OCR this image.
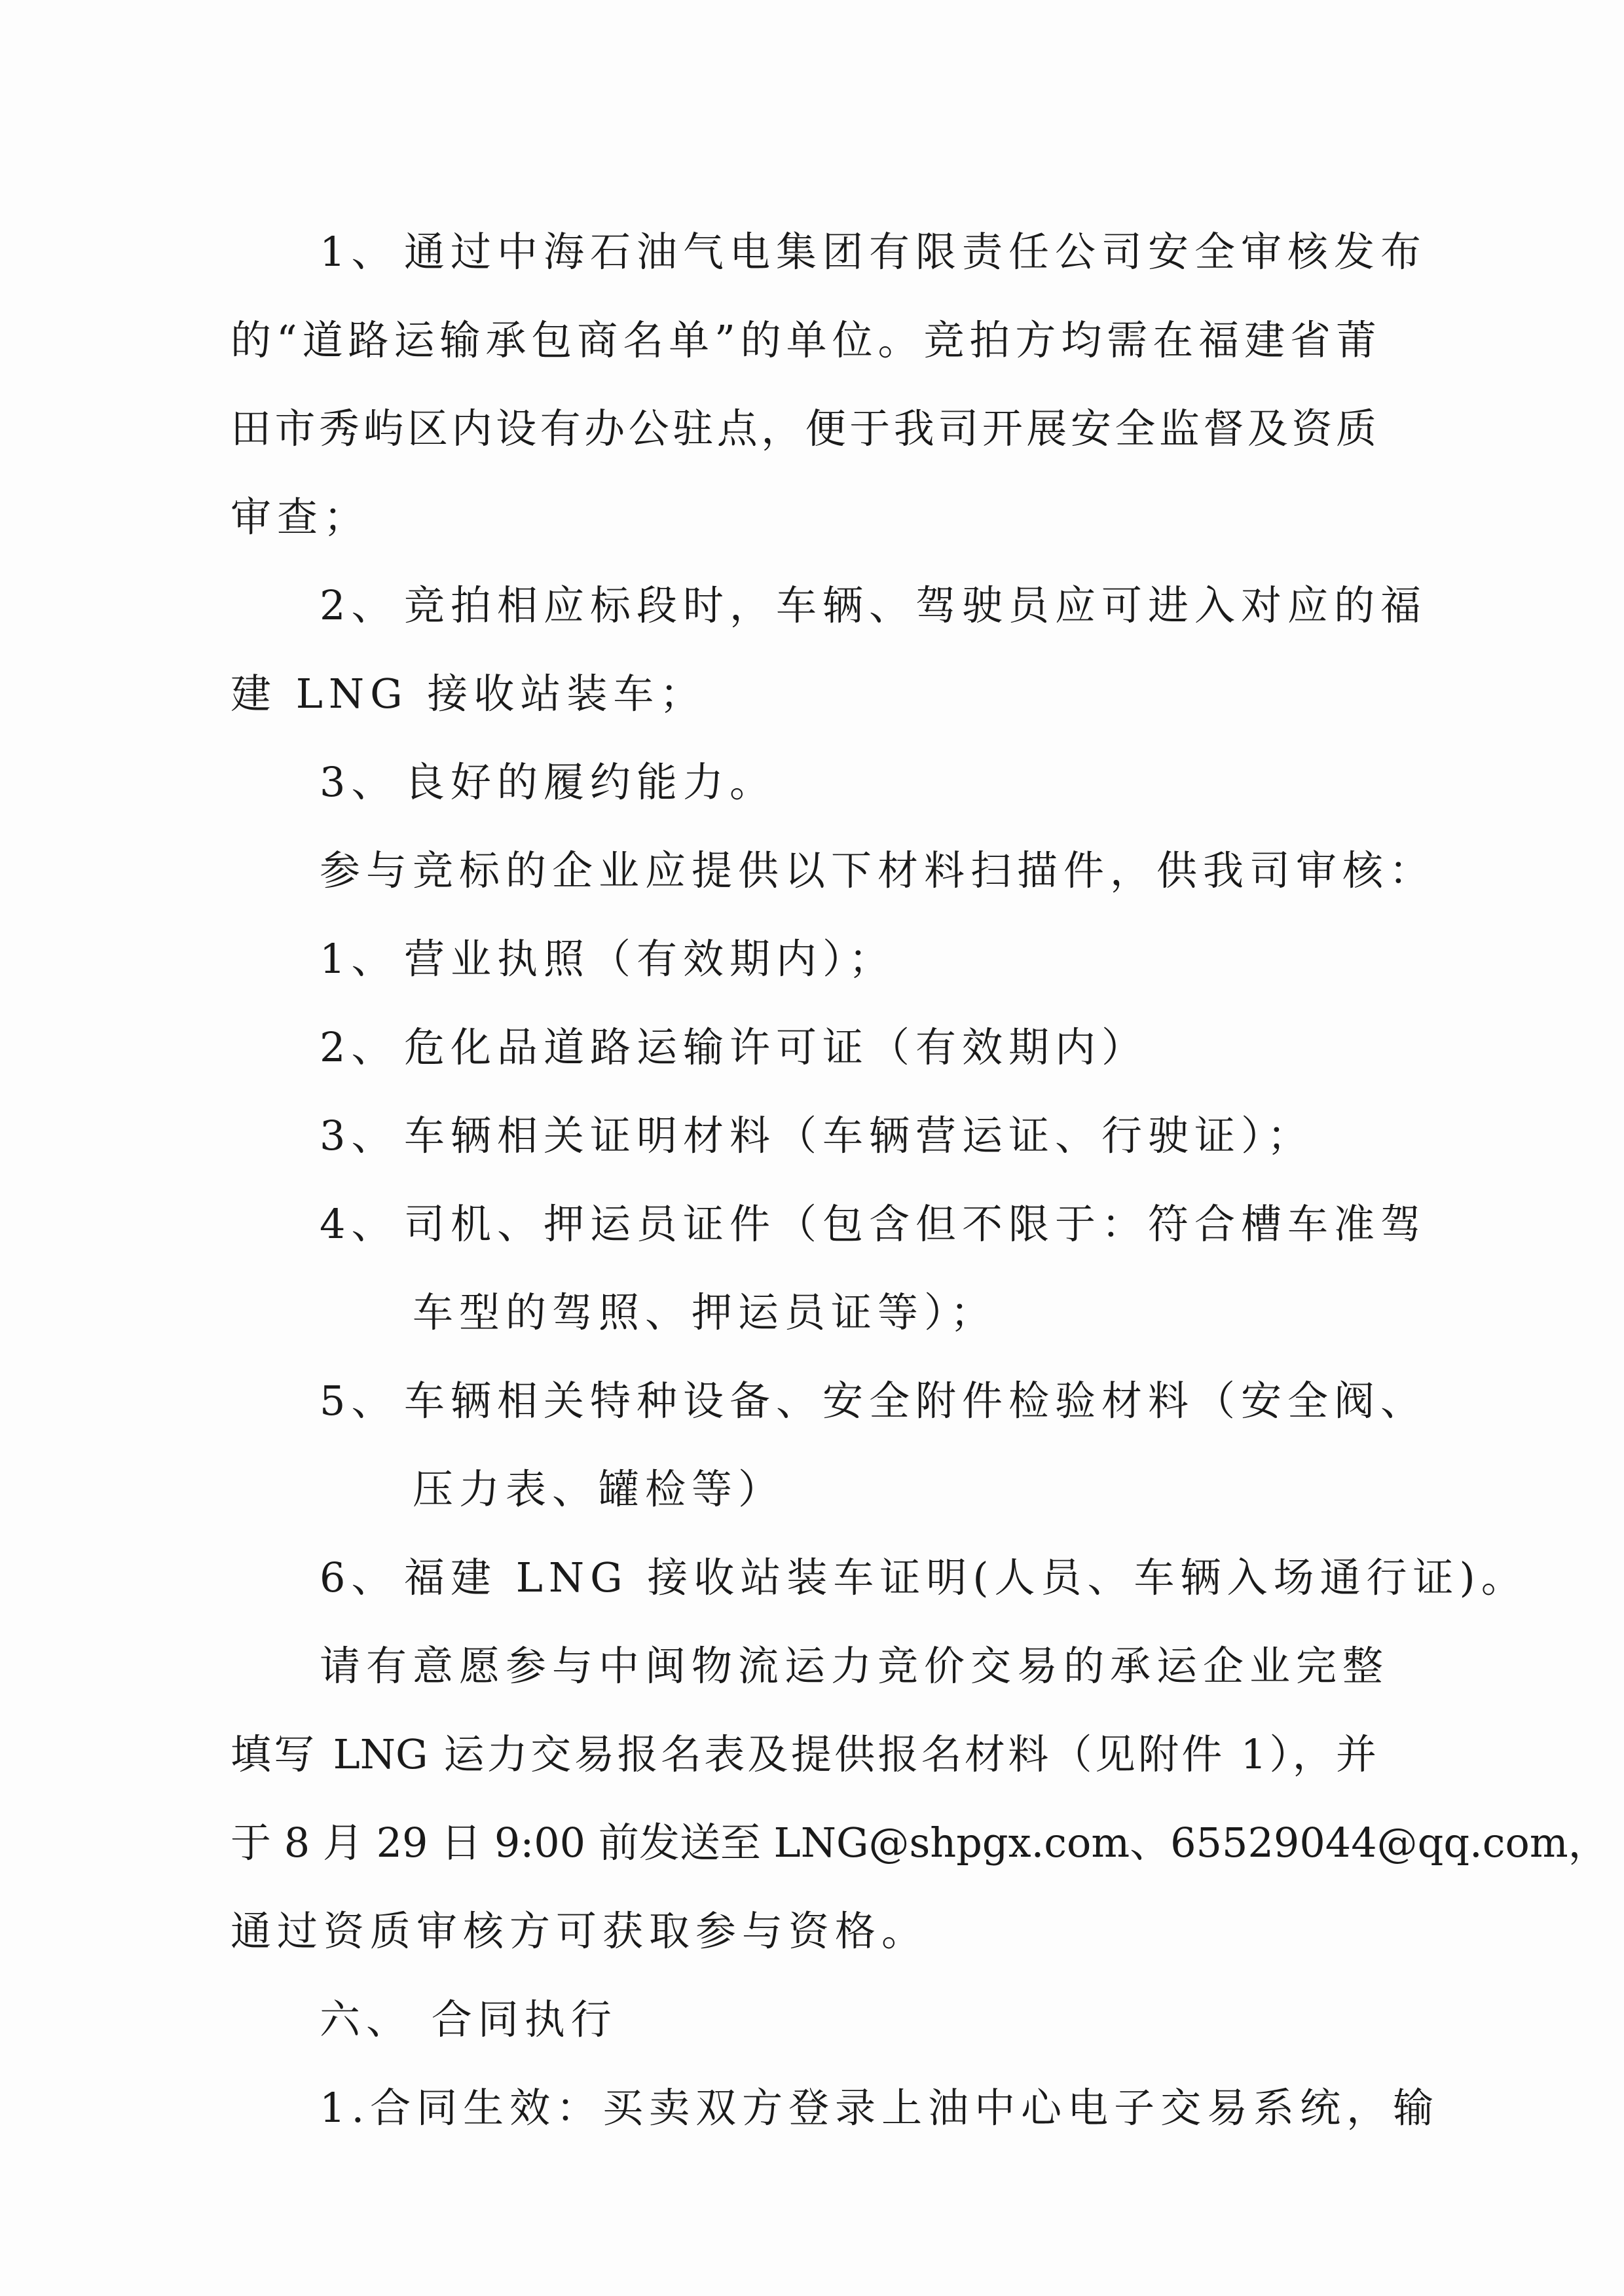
1、 通过中海石油气电集团有限责任公司安全审核发布
的“道路运输承包商名单”的单位。竞拍方均需在福建省莆
田市秀屿区内设有办公驻点，便于我司开展安全监督及资质
审查；
2、 竞拍相应标段时，车辆、驾驶员应可进入对应的福
建 LNG 接收站装车；
3、 良好的履约能力。
参与竞标的企业应提供以下材料扫描件，供我司审核：
1、 营业执照（有效期内）；
2、 危化品道路运输许可证（有效期内）
3、 车辆相关证明材料（车辆营运证、行驶证）；
4、 司机、押运员证件（包含但不限于：符合槽车准驾
车型的驾照、押运员证等）；
5、 车辆相关特种设备、安全附件检验材料（安全阀、
压力表、罐检等）
6、 福建 LNG 接收站装车证明(人员、车辆入场通行证)。
请有意愿参与中闽物流运力竞价交易的承运企业完整
填写 LNG 运力交易报名表及提供报名材料（见附件 1），并
于 8 月 29 日 9:00 前发送至 LNG@shpgx.com、65529044@qq.com，
通过资质审核方可获取参与资格。
六、 合同执行
1.合同生效：买卖双方登录上油中心电子交易系统，输
